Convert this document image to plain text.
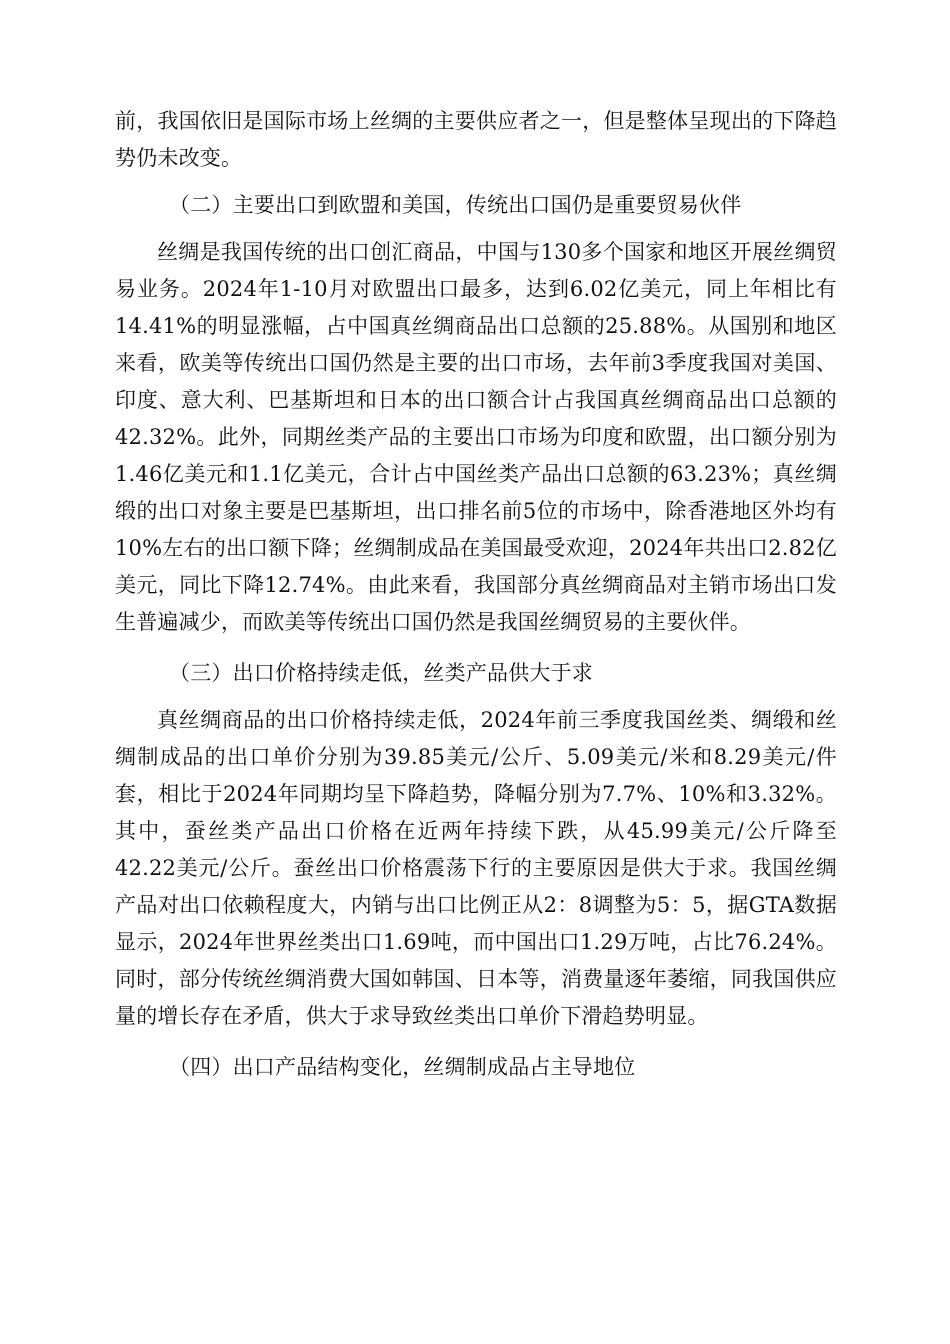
前，我国依旧是国际市场上丝绸的主要供应者之一，但是整体呈现出的下降趋势仍未改变。

（二）主要出口到欧盟和美国，传统出口国仍是重要贸易伙伴

丝绸是我国传统的出口创汇商品，中国与130多个国家和地区开展丝绸贸易业务。2024年1-10月对欧盟出口最多，达到6.02亿美元，同上年相比有14.41%的明显涨幅，占中国真丝绸商品出口总额的25.88%。从国别和地区来看，欧美等传统出口国仍然是主要的出口市场，去年前3季度我国对美国、印度、意大利、巴基斯坦和日本的出口额合计占我国真丝绸商品出口总额的42.32%。此外，同期丝类产品的主要出口市场为印度和欧盟，出口额分别为1.46亿美元和1.1亿美元，合计占中国丝类产品出口总额的63.23%；真丝绸缎的出口对象主要是巴基斯坦，出口排名前5位的市场中，除香港地区外均有10%左右的出口额下降；丝绸制成品在美国最受欢迎，2024年共出口2.82亿美元，同比下降12.74%。由此来看，我国部分真丝绸商品对主销市场出口发生普遍减少，而欧美等传统出口国仍然是我国丝绸贸易的主要伙伴。

（三）出口价格持续走低，丝类产品供大于求

真丝绸商品的出口价格持续走低，2024年前三季度我国丝类、绸缎和丝绸制成品的出口单价分别为39.85美元/公斤、5.09美元/米和8.29美元/件套，相比于2024年同期均呈下降趋势，降幅分别为7.7%、10%和3.32%。其中，蚕丝类产品出口价格在近两年持续下跌，从45.99美元/公斤降至42.22美元/公斤。蚕丝出口价格震荡下行的主要原因是供大于求。我国丝绸产品对出口依赖程度大，内销与出口比例正从2：8调整为5：5，据GTA数据显示，2024年世界丝类出口1.69吨，而中国出口1.29万吨，占比76.24%。同时，部分传统丝绸消费大国如韩国、日本等，消费量逐年萎缩，同我国供应量的增长存在矛盾，供大于求导致丝类出口单价下滑趋势明显。

（四）出口产品结构变化，丝绸制成品占主导地位
